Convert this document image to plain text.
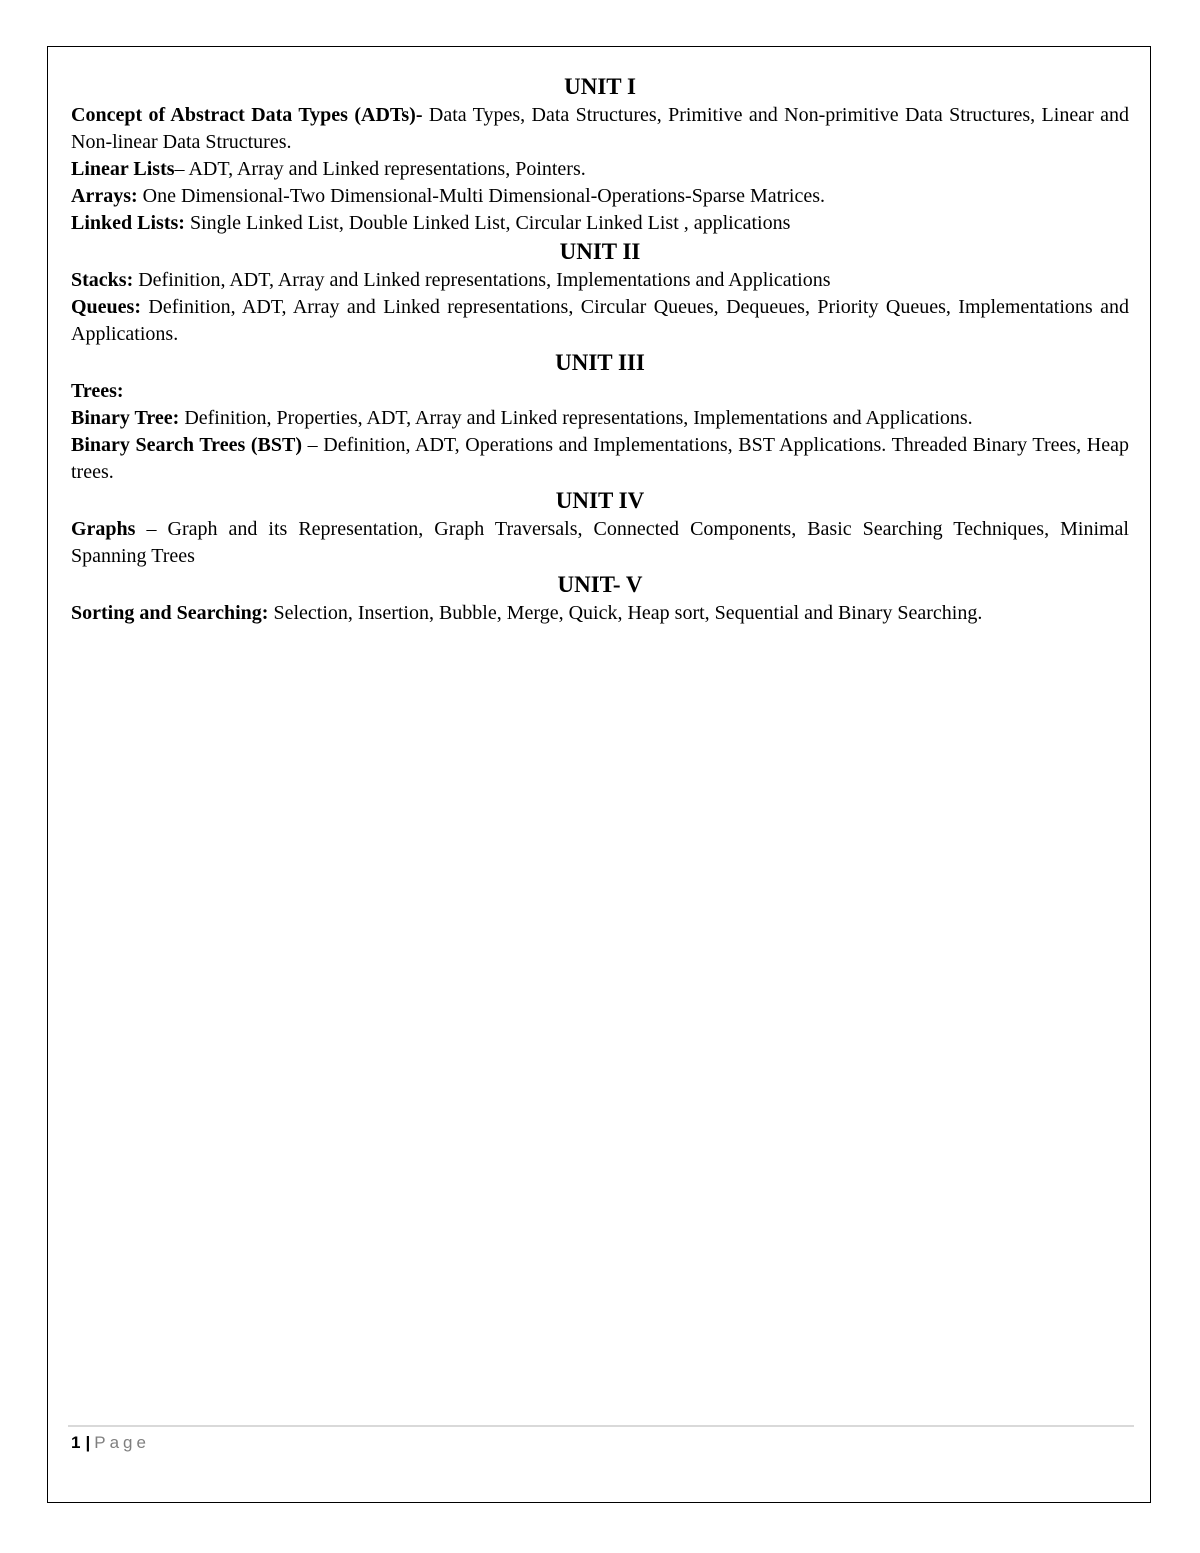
UNIT I

Concept of Abstract Data Types (ADTs)- Data Types, Data Structures, Primitive and Non-primitive Data Structures, Linear and Non-linear Data Structures.

Linear Lists– ADT, Array and Linked representations, Pointers.

Arrays: One Dimensional-Two Dimensional-Multi Dimensional-Operations-Sparse Matrices.

Linked Lists: Single Linked List, Double Linked List, Circular Linked List , applications

UNIT II

Stacks: Definition, ADT, Array and Linked representations, Implementations and Applications

Queues: Definition, ADT, Array and Linked representations, Circular Queues, Dequeues, Priority Queues, Implementations and Applications.

UNIT III

Trees:

Binary Tree: Definition, Properties, ADT, Array and Linked representations, Implementations and Applications.

Binary Search Trees (BST) – Definition, ADT, Operations and Implementations, BST Applications. Threaded Binary Trees, Heap trees.

UNIT IV

Graphs – Graph and its Representation, Graph Traversals, Connected Components, Basic Searching Techniques, Minimal Spanning Trees

UNIT- V

Sorting and Searching: Selection, Insertion, Bubble, Merge, Quick, Heap sort, Sequential and Binary Searching.

1 | Page
